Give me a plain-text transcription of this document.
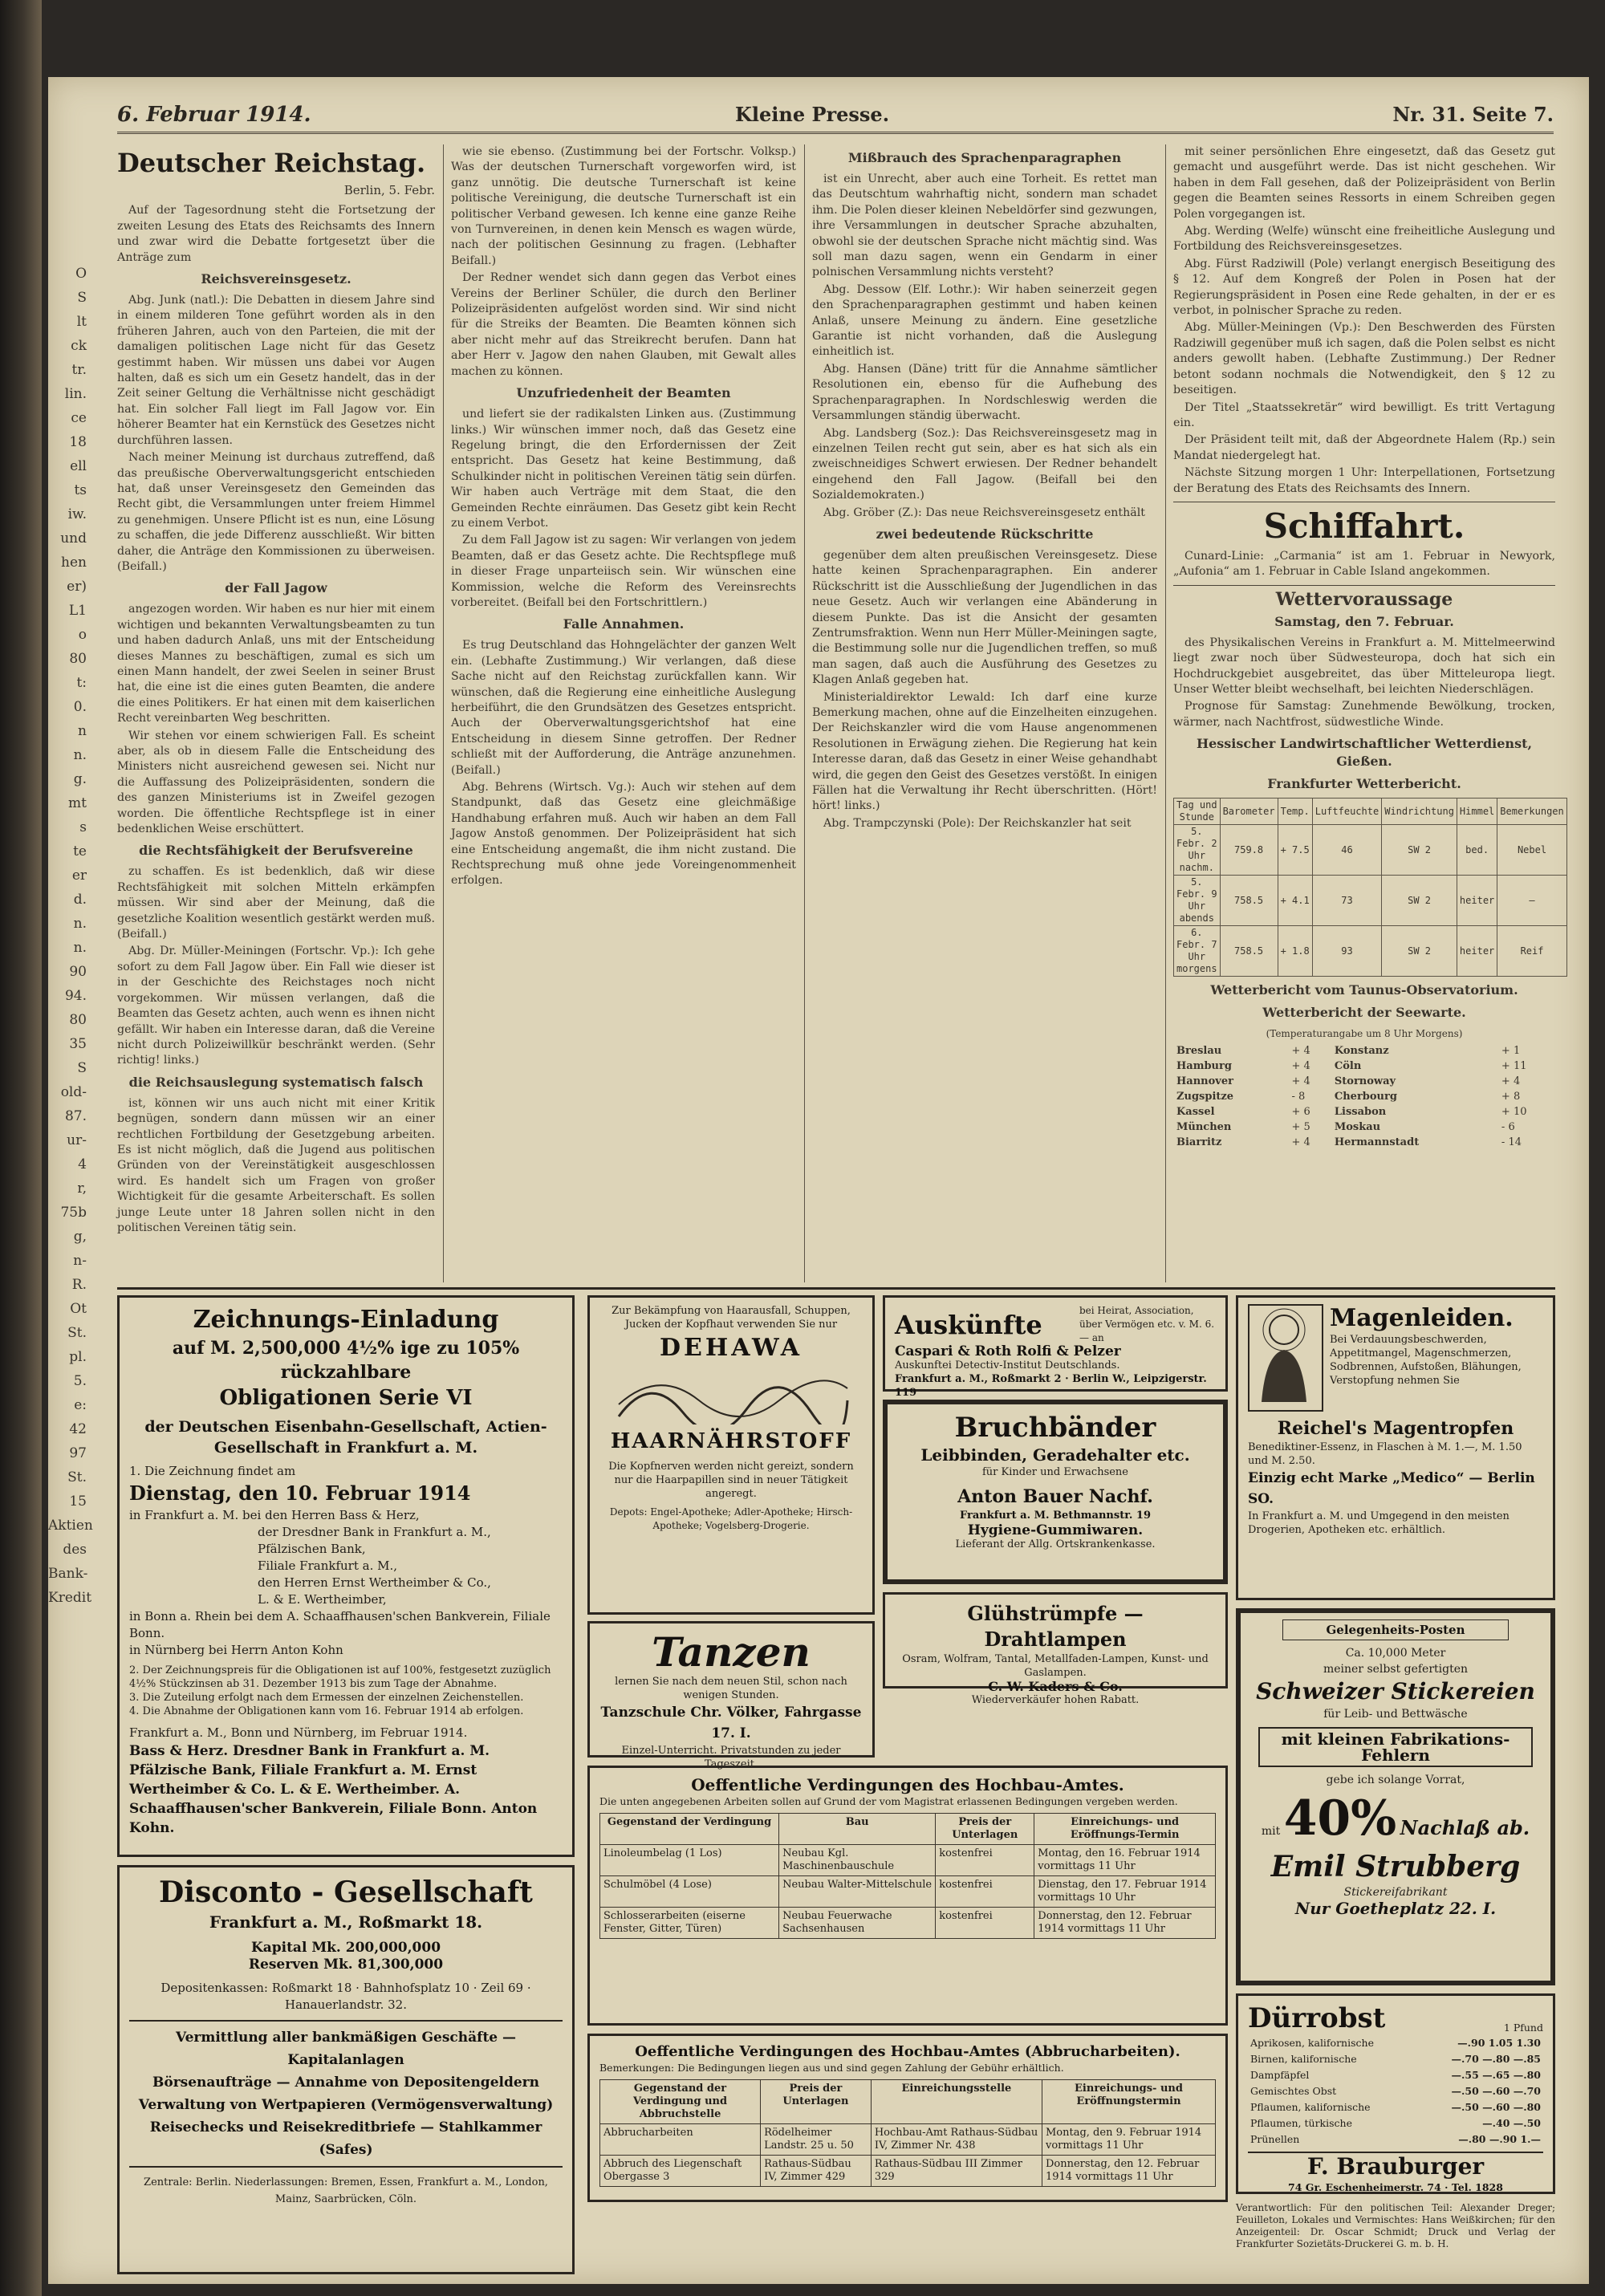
O
S
lt
ck
tr.
lin.
ce
18
ell
ts
iw.
und
hen
er)
L1
o
80
t:
0.
n
n.
g.
mt
s
te
er
d.
n.
n.
90
94.
80
35
S
old-
87.
ur-
4
r,
75b
g,
n-
R.
Ot
St.
pl.
5.
e:
42
97
St.
15
Aktien
des
Bank-
Kredit
6. Februar 1914.	Kleine Presse.	Nr. 31. Seite 7.
Deutscher Reichstag.
Berlin, 5. Febr.

Auf der Tagesordnung steht die Fortsetzung der zweiten Lesung des Etats des Reichsamts des Innern und zwar wird die Debatte fortgesetzt über die Anträge zum

Reichsvereinsgesetz.

Abg. Junk (natl.): Die Debatten in diesem Jahre sind in einem milderen Tone geführt worden als in den früheren Jahren, auch von den Parteien, die mit der damaligen politischen Lage nicht für das Gesetz gestimmt haben. Wir müssen uns dabei vor Augen halten, daß es sich um ein Gesetz handelt, das in der Zeit seiner Geltung die Verhältnisse nicht geschädigt hat. Ein solcher Fall liegt im Fall Jagow vor. Ein höherer Beamter hat ein Kernstück des Gesetzes nicht durchführen lassen.

Nach meiner Meinung ist durchaus zutreffend, daß das preußische Oberverwaltungsgericht entschieden hat, daß unser Vereinsgesetz den Gemeinden das Recht gibt, die Versammlungen unter freiem Himmel zu genehmigen. Unsere Pflicht ist es nun, eine Lösung zu schaffen, die jede Differenz ausschließt. Wir bitten daher, die Anträge den Kommissionen zu überweisen. (Beifall.)

der Fall Jagow

angezogen worden. Wir haben es nur hier mit einem wichtigen und bekannten Verwaltungsbeamten zu tun und haben dadurch Anlaß, uns mit der Entscheidung dieses Mannes zu beschäftigen, zumal es sich um einen Mann handelt, der zwei Seelen in seiner Brust hat, die eine ist die eines guten Beamten, die andere die eines Politikers. Er hat einen mit dem kaiserlichen Recht vereinbarten Weg beschritten.

Wir stehen vor einem schwierigen Fall. Es scheint aber, als ob in diesem Falle die Entscheidung des Ministers nicht ausreichend gewesen sei. Nicht nur die Auffassung des Polizeipräsidenten, sondern die des ganzen Ministeriums ist in Zweifel gezogen worden. Die öffentliche Rechtspflege ist in einer bedenklichen Weise erschüttert.

die Rechtsfähigkeit der Berufsvereine

zu schaffen. Es ist bedenklich, daß wir diese Rechtsfähigkeit mit solchen Mitteln erkämpfen müssen. Wir sind aber der Meinung, daß die gesetzliche Koalition wesentlich gestärkt werden muß. (Beifall.)

Abg. Dr. Müller-Meiningen (Fortschr. Vp.): Ich gehe sofort zu dem Fall Jagow über. Ein Fall wie dieser ist in der Geschichte des Reichstages noch nicht vorgekommen. Wir müssen verlangen, daß die Beamten das Gesetz achten, auch wenn es ihnen nicht gefällt. Wir haben ein Interesse daran, daß die Vereine nicht durch Polizeiwillkür beschränkt werden. (Sehr richtig! links.)

die Reichsauslegung systematisch falsch

ist, können wir uns auch nicht mit einer Kritik begnügen, sondern dann müssen wir an einer rechtlichen Fortbildung der Gesetzgebung arbeiten. Es ist nicht möglich, daß die Jugend aus politischen Gründen von der Vereinstätigkeit ausgeschlossen wird. Es handelt sich um Fragen von großer Wichtigkeit für die gesamte Arbeiterschaft. Es sollen junge Leute unter 18 Jahren sollen nicht in den politischen Vereinen tätig sein.

wie sie ebenso. (Zustimmung bei der Fortschr. Volksp.) Was der deutschen Turnerschaft vorgeworfen wird, ist ganz unnötig. Die deutsche Turnerschaft ist keine politische Vereinigung, die deutsche Turnerschaft ist ein politischer Verband gewesen. Ich kenne eine ganze Reihe von Turnvereinen, in denen kein Mensch es wagen würde, nach der politischen Gesinnung zu fragen. (Lebhafter Beifall.)

Der Redner wendet sich dann gegen das Verbot eines Vereins der Berliner Schüler, die durch den Berliner Polizeipräsidenten aufgelöst worden sind. Wir sind nicht für die Streiks der Beamten. Die Beamten können sich aber nicht mehr auf das Streikrecht berufen. Dann hat aber Herr v. Jagow den nahen Glauben, mit Gewalt alles machen zu können.

Unzufriedenheit der Beamten

und liefert sie der radikalsten Linken aus. (Zustimmung links.) Wir wünschen immer noch, daß das Gesetz eine Regelung bringt, die den Erfordernissen der Zeit entspricht. Das Gesetz hat keine Bestimmung, daß Schulkinder nicht in politischen Vereinen tätig sein dürfen. Wir haben auch Verträge mit dem Staat, die den Gemeinden Rechte einräumen. Das Gesetz gibt kein Recht zu einem Verbot.

Zu dem Fall Jagow ist zu sagen: Wir verlangen von jedem Beamten, daß er das Gesetz achte. Die Rechtspflege muß in dieser Frage unparteiisch sein. Wir wünschen eine Kommission, welche die Reform des Vereinsrechts vorbereitet. (Beifall bei den Fortschrittlern.)

Falle Annahmen.

Es trug Deutschland das Hohngelächter der ganzen Welt ein. (Lebhafte Zustimmung.) Wir verlangen, daß diese Sache nicht auf den Reichstag zurückfallen kann. Wir wünschen, daß die Regierung eine einheitliche Auslegung herbeiführt, die den Grundsätzen des Gesetzes entspricht. Auch der Oberverwaltungsgerichtshof hat eine Entscheidung in diesem Sinne getroffen. Der Redner schließt mit der Aufforderung, die Anträge anzunehmen. (Beifall.)

Abg. Behrens (Wirtsch. Vg.): Auch wir stehen auf dem Standpunkt, daß das Gesetz eine gleichmäßige Handhabung erfahren muß. Auch wir haben an dem Fall Jagow Anstoß genommen. Der Polizeipräsident hat sich eine Entscheidung angemaßt, die ihm nicht zustand. Die Rechtsprechung muß ohne jede Voreingenommenheit erfolgen.

Mißbrauch des Sprachenparagraphen

ist ein Unrecht, aber auch eine Torheit. Es rettet man das Deutschtum wahrhaftig nicht, sondern man schadet ihm. Die Polen dieser kleinen Nebeldörfer sind gezwungen, ihre Versammlungen in deutscher Sprache abzuhalten, obwohl sie der deutschen Sprache nicht mächtig sind. Was soll man dazu sagen, wenn ein Gendarm in einer polnischen Versammlung nichts versteht?

Abg. Dessow (Elf. Lothr.): Wir haben seinerzeit gegen den Sprachenparagraphen gestimmt und haben keinen Anlaß, unsere Meinung zu ändern. Eine gesetzliche Garantie ist nicht vorhanden, daß die Auslegung einheitlich ist.

Abg. Hansen (Däne) tritt für die Annahme sämtlicher Resolutionen ein, ebenso für die Aufhebung des Sprachenparagraphen. In Nordschleswig werden die Versammlungen ständig überwacht.

Abg. Landsberg (Soz.): Das Reichsvereinsgesetz mag in einzelnen Teilen recht gut sein, aber es hat sich als ein zweischneidiges Schwert erwiesen. Der Redner behandelt eingehend den Fall Jagow. (Beifall bei den Sozialdemokraten.)

Abg. Gröber (Z.): Das neue Reichsvereinsgesetz enthält

zwei bedeutende Rückschritte

gegenüber dem alten preußischen Vereinsgesetz. Diese hatte keinen Sprachenparagraphen. Ein anderer Rückschritt ist die Ausschließung der Jugendlichen in das neue Gesetz. Auch wir verlangen eine Abänderung in diesem Punkte. Das ist die Ansicht der gesamten Zentrumsfraktion. Wenn nun Herr Müller-Meiningen sagte, die Bestimmung solle nur die Jugendlichen treffen, so muß man sagen, daß auch die Ausführung des Gesetzes zu Klagen Anlaß gegeben hat.

Ministerialdirektor Lewald: Ich darf eine kurze Bemerkung machen, ohne auf die Einzelheiten einzugehen. Der Reichskanzler wird die vom Hause angenommenen Resolutionen in Erwägung ziehen. Die Regierung hat kein Interesse daran, daß das Gesetz in einer Weise gehandhabt wird, die gegen den Geist des Gesetzes verstößt. In einigen Fällen hat die Verwaltung ihr Recht überschritten. (Hört! hört! links.)

Abg. Trampczynski (Pole): Der Reichskanzler hat seit

mit seiner persönlichen Ehre eingesetzt, daß das Gesetz gut gemacht und ausgeführt werde. Das ist nicht geschehen. Wir haben in dem Fall gesehen, daß der Polizeipräsident von Berlin gegen die Beamten seines Ressorts in einem Schreiben gegen Polen vorgegangen ist.

Abg. Werding (Welfe) wünscht eine freiheitliche Auslegung und Fortbildung des Reichsvereinsgesetzes.

Abg. Fürst Radziwill (Pole) verlangt energisch Beseitigung des § 12. Auf dem Kongreß der Polen in Posen hat der Regierungspräsident in Posen eine Rede gehalten, in der er es verbot, in polnischer Sprache zu reden.

Abg. Müller-Meiningen (Vp.): Den Beschwerden des Fürsten Radziwill gegenüber muß ich sagen, daß die Polen selbst es nicht anders gewollt haben. (Lebhafte Zustimmung.) Der Redner betont sodann nochmals die Notwendigkeit, den § 12 zu beseitigen.

Der Titel „Staatssekretär“ wird bewilligt. Es tritt Vertagung ein.

Der Präsident teilt mit, daß der Abgeordnete Halem (Rp.) sein Mandat niedergelegt hat.

Nächste Sitzung morgen 1 Uhr: Interpellationen, Fortsetzung der Beratung des Etats des Reichsamts des Innern.

Schiffahrt.

Cunard-Linie: „Carmania“ ist am 1. Februar in Newyork, „Aufonia“ am 1. Februar in Cable Island angekommen.

Wettervoraussage
Samstag, den 7. Februar.

des Physikalischen Vereins in Frankfurt a. M. Mittelmeerwind liegt zwar noch über Südwesteuropa, doch hat sich ein Hochdruckgebiet ausgebreitet, das über Mitteleuropa liegt. Unser Wetter bleibt wechselhaft, bei leichten Niederschlägen.

Prognose für Samstag: Zunehmende Bewölkung, trocken, wärmer, nach Nachtfrost, südwestliche Winde.

Hessischer Landwirtschaftlicher Wetterdienst, Gießen.
Frankfurter Wetterbericht.
Tag und Stunde	Barometer	Temp.	Luftfeuchte	Windrichtung	Himmel	Bemerkungen
5. Febr. 2 Uhr nachm.	759.8	+ 7.5	46	SW 2	bed.	Nebel
5. Febr. 9 Uhr abends	758.5	+ 4.1	73	SW 2	heiter	—
6. Febr. 7 Uhr morgens	758.5	+ 1.8	93	SW 2	heiter	Reif
Wetterbericht vom Taunus-Observatorium.
Wetterbericht der Seewarte.
(Temperaturangabe um 8 Uhr Morgens)
Breslau	+ 4	Konstanz	+ 1
Hamburg	+ 4	Cöln	+ 11
Hannover	+ 4	Stornoway	+ 4
Zugspitze	- 8	Cherbourg	+ 8
Kassel	+ 6	Lissabon	+ 10
München	+ 5	Moskau	- 6
Biarritz	+ 4	Hermannstadt	- 14
Zeichnungs-Einladung
auf M. 2,500,000 4½% ige zu 105% rückzahlbare
Obligationen Serie VI
der Deutschen Eisenbahn-Gesellschaft, Actien-Gesellschaft in Frankfurt a. M.
1. Die Zeichnung findet am
Dienstag, den 10. Februar 1914
in Frankfurt a. M. bei den Herren Bass & Herz,
der Dresdner Bank in Frankfurt a. M.,
Pfälzischen Bank,
Filiale Frankfurt a. M.,
den Herren Ernst Wertheimber & Co.,
L. & E. Wertheimber,
in Bonn a. Rhein bei dem A. Schaaffhausen'schen Bankverein, Filiale Bonn.
in Nürnberg bei Herrn Anton Kohn
2. Der Zeichnungspreis für die Obligationen ist auf 100%, festgesetzt zuzüglich 4½% Stückzinsen ab 31. Dezember 1913 bis zum Tage der Abnahme.
3. Die Zuteilung erfolgt nach dem Ermessen der einzelnen Zeichenstellen.
4. Die Abnahme der Obligationen kann vom 16. Februar 1914 ab erfolgen.
Frankfurt a. M., Bonn und Nürnberg, im Februar 1914.
Bass & Herz. Dresdner Bank in Frankfurt a. M. Pfälzische Bank, Filiale Frankfurt a. M. Ernst Wertheimber & Co. L. & E. Wertheimber. A. Schaaffhausen'scher Bankverein, Filiale Bonn. Anton Kohn.
Disconto - Gesellschaft
Frankfurt a. M., Roßmarkt 18.
Kapital Mk. 200,000,000
Reserven Mk. 81,300,000
Depositenkassen: Roßmarkt 18 · Bahnhofsplatz 10 · Zeil 69 · Hanauerlandstr. 32.
Vermittlung aller bankmäßigen Geschäfte — Kapitalanlagen
Börsenaufträge — Annahme von Depositengeldern
Verwaltung von Wertpapieren (Vermögensverwaltung)
Reisechecks und Reisekreditbriefe — Stahlkammer (Safes)
Zentrale: Berlin. Niederlassungen: Bremen, Essen, Frankfurt a. M., London, Mainz, Saarbrücken, Cöln.
Zur Bekämpfung von Haarausfall, Schuppen, Jucken der Kopfhaut verwenden Sie nur
DEHAWA
HAARNÄHRSTOFF
Die Kopfnerven werden nicht gereizt, sondern nur die Haarpapillen sind in neuer Tätigkeit angeregt.
Depots: Engel-Apotheke; Adler-Apotheke; Hirsch-Apotheke; Vogelsberg-Drogerie.
Tanzen
lernen Sie nach dem neuen Stil, schon nach wenigen Stunden.
Tanzschule Chr. Völker, Fahrgasse 17. I.
Einzel-Unterricht. Privatstunden zu jeder Tageszeit.
Auskünfte	bei Heirat, Association, über Vermögen etc. v. M. 6.— an
Caspari & Roth Rolfi & Pelzer
Auskunftei Detectiv-Institut Deutschlands.
Frankfurt a. M., Roßmarkt 2 · Berlin W., Leipzigerstr. 119
Bruchbänder
Leibbinden, Geradehalter etc.
für Kinder und Erwachsene
Anton Bauer Nachf.
Frankfurt a. M. Bethmannstr. 19
Hygiene-Gummiwaren.
Lieferant der Allg. Ortskrankenkasse.
Glühstrümpfe — Drahtlampen
Osram, Wolfram, Tantal, Metallfaden-Lampen, Kunst- und Gaslampen.
C. W. Kaders & Co.
Wiederverkäufer hohen Rabatt.
Magenleiden.
Bei Verdauungsbeschwerden, Appetitmangel, Magenschmerzen, Sodbrennen, Aufstoßen, Blähungen, Verstopfung nehmen Sie
Reichel's Magentropfen
Benediktiner-Essenz, in Flaschen à M. 1.—, M. 1.50 und M. 2.50.
Einzig echt Marke „Medico“ — Berlin SO.
In Frankfurt a. M. und Umgegend in den meisten Drogerien, Apotheken etc. erhältlich.
Gelegenheits-Posten
Ca. 10,000 Meter
meiner selbst gefertigten
Schweizer Stickereien
für Leib- und Bettwäsche
mit kleinen Fabrikations-Fehlern
gebe ich solange Vorrat,
mit 40% Nachlaß ab.
Emil Strubberg
Stickereifabrikant
Nur Goetheplatz 22. I.
Dürrobst	1 Pfund
Aprikosen, kalifornische	—.90 1.05 1.30
Birnen, kalifornische	—.70 —.80 —.85
Dampfäpfel	—.55 —.65 —.80
Gemischtes Obst	—.50 —.60 —.70
Pflaumen, kalifornische	—.50 —.60 —.80
Pflaumen, türkische	—.40 —.50
Prünellen	—.80 —.90 1.—
F. Brauburger
74 Gr. Eschenheimerstr. 74 · Tel. 1828
Oeffentliche Verdingungen des Hochbau-Amtes.
Die unten angegebenen Arbeiten sollen auf Grund der vom Magistrat erlassenen Bedingungen vergeben werden.
Gegenstand der Verdingung	Bau	Preis der Unterlagen	Einreichungs- und Eröffnungs-Termin
Linoleumbelag (1 Los)	Neubau Kgl. Maschinenbauschule	kostenfrei	Montag, den 16. Februar 1914 vormittags 11 Uhr
Schulmöbel (4 Lose)	Neubau Walter-Mittelschule	kostenfrei	Dienstag, den 17. Februar 1914 vormittags 10 Uhr
Schlosserarbeiten (eiserne Fenster, Gitter, Türen)	Neubau Feuerwache Sachsenhausen	kostenfrei	Donnerstag, den 12. Februar 1914 vormittags 11 Uhr
Oeffentliche Verdingungen des Hochbau-Amtes (Abbrucharbeiten).
Bemerkungen: Die Bedingungen liegen aus und sind gegen Zahlung der Gebühr erhältlich.
Gegenstand der Verdingung und Abbruchstelle	Preis der Unterlagen	Einreichungsstelle	Einreichungs- und Eröffnungstermin
Abbrucharbeiten	Rödelheimer Landstr. 25 u. 50	Hochbau-Amt Rathaus-Südbau IV, Zimmer Nr. 438	Montag, den 9. Februar 1914 vormittags 11 Uhr
Abbruch des Liegenschaft Obergasse 3	Rathaus-Südbau IV, Zimmer 429	Rathaus-Südbau III Zimmer 329	Donnerstag, den 12. Februar 1914 vormittags 11 Uhr
Verantwortlich: Für den politischen Teil: Alexander Dreger; Feuilleton, Lokales und Vermischtes: Hans Weißkirchen; für den Anzeigenteil: Dr. Oscar Schmidt; Druck und Verlag der Frankfurter Sozietäts-Druckerei G. m. b. H.
